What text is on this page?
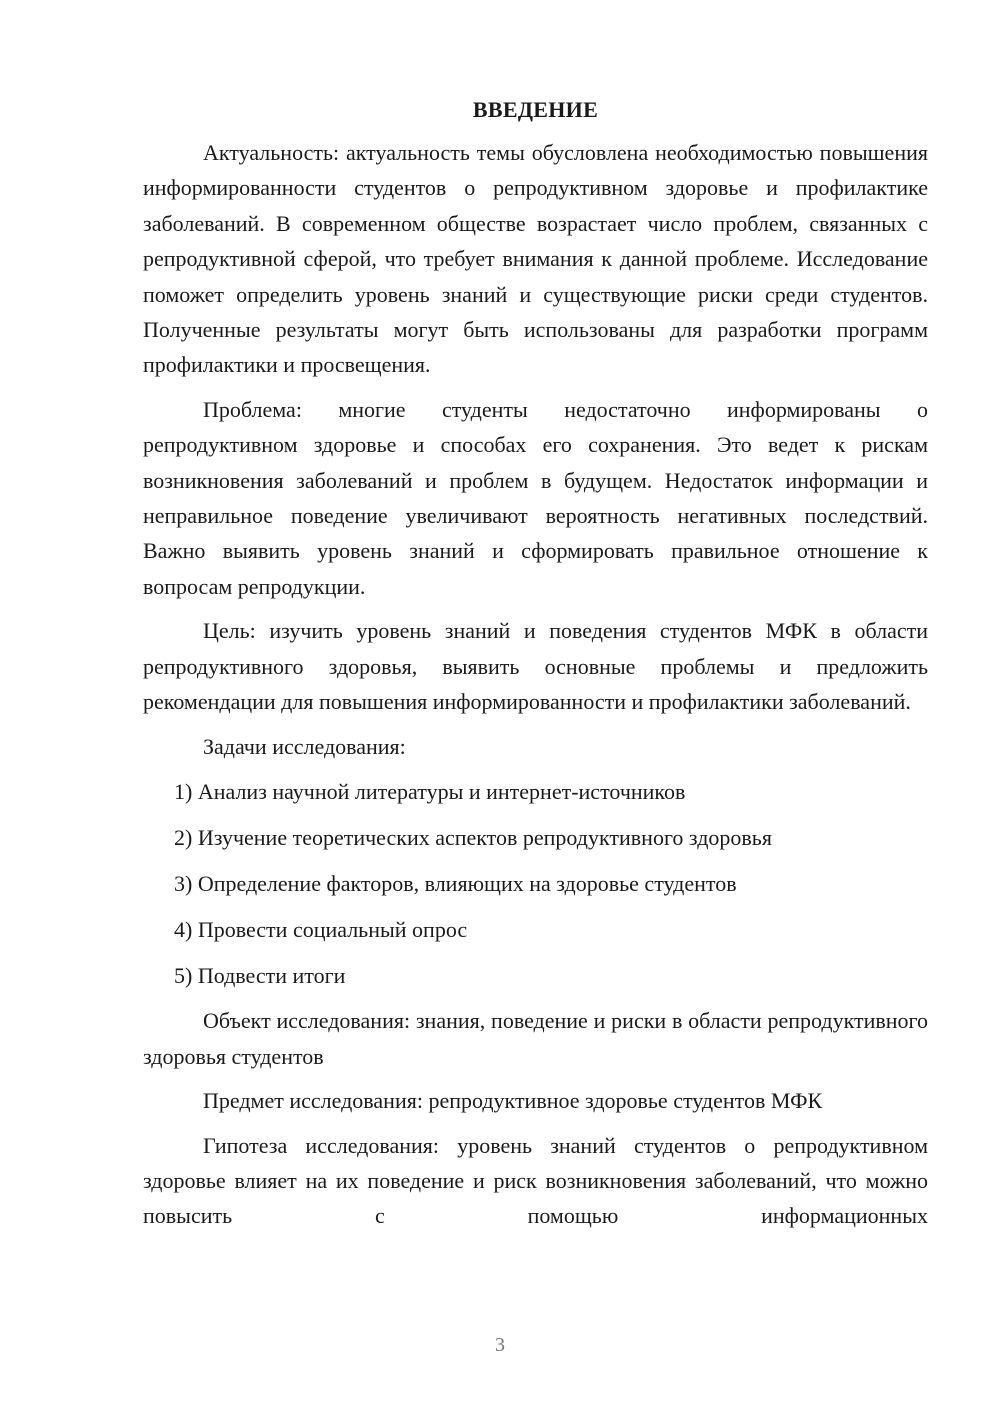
ВВЕДЕНИЕ

Актуальность: актуальность темы обусловлена необходимостью повышения информированности студентов о репродуктивном здоровье и профилактике заболеваний. В современном обществе возрастает число проблем, связанных с репродуктивной сферой, что требует внимания к данной проблеме. Исследование поможет определить уровень знаний и существующие риски среди студентов. Полученные результаты могут быть использованы для разработки программ профилактики и просвещения.

Проблема: многие студенты недостаточно информированы о репродуктивном здоровье и способах его сохранения. Это ведет к рискам возникновения заболеваний и проблем в будущем. Недостаток информации и неправильное поведение увеличивают вероятность негативных последствий. Важно выявить уровень знаний и сформировать правильное отношение к вопросам репродукции.

Цель: изучить уровень знаний и поведения студентов МФК в области репродуктивного здоровья, выявить основные проблемы и предложить рекомендации для повышения информированности и профилактики заболеваний.

Задачи исследования:

1) Анализ научной литературы и интернет-источников
2) Изучение теоретических аспектов репродуктивного здоровья
3) Определение факторов, влияющих на здоровье студентов
4) Провести социальный опрос
5) Подвести итоги

Объект исследования: знания, поведение и риски в области репродуктивного здоровья студентов

Предмет исследования: репродуктивное здоровье студентов МФК

Гипотеза исследования: уровень знаний студентов о репродуктивном здоровье влияет на их поведение и риск возникновения заболеваний, что можно повысить с помощью информационных

3
